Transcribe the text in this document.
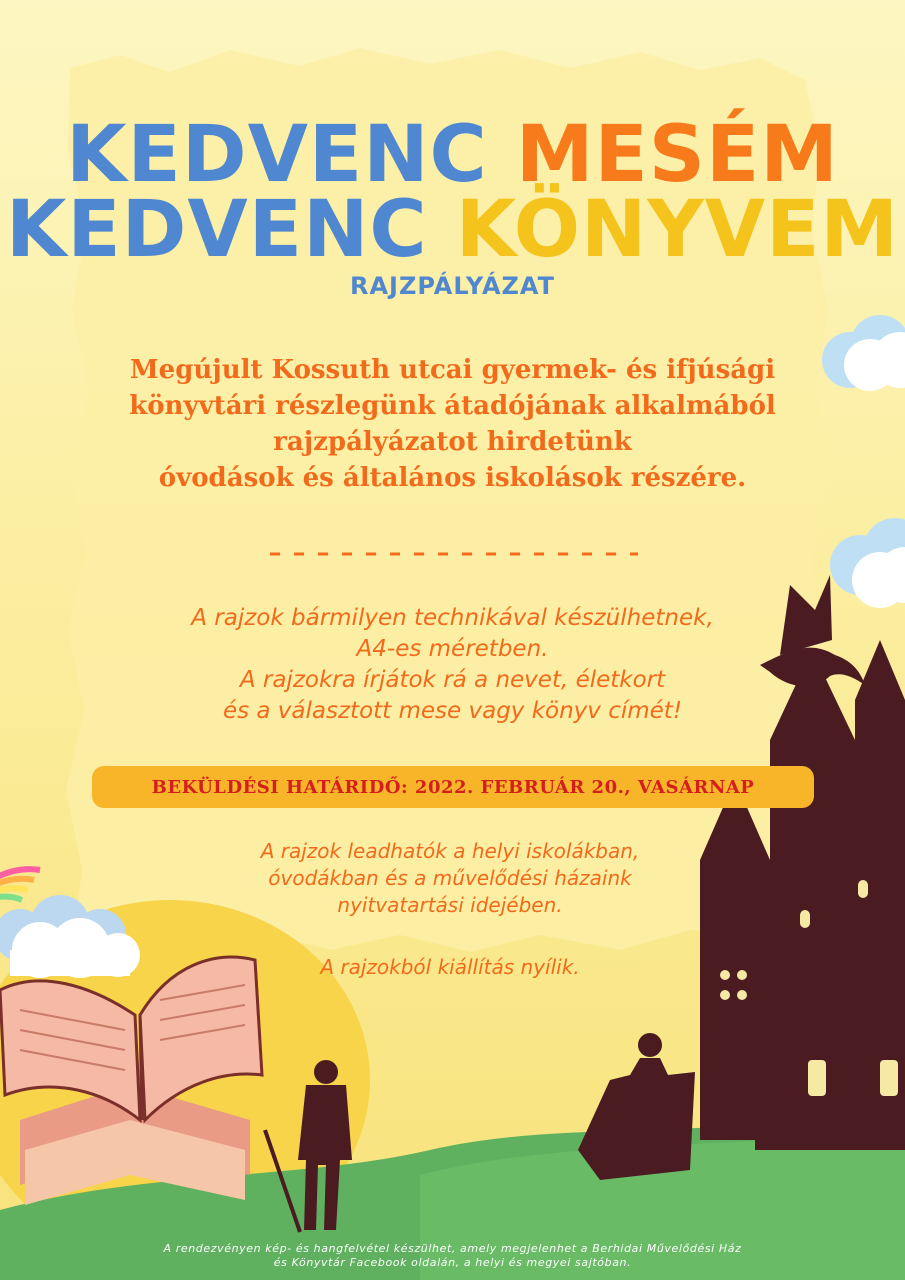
KEDVENC MESÉM
KEDVENC KÖNYVEM
RAJZPÁLYÁZAT
Megújult Kossuth utcai gyermek- és ifjúsági
könyvtári részlegünk átadójának alkalmából
rajzpályázatot hirdetünk
óvodások és általános iskolások részére.
A rajzok bármilyen technikával készülhetnek,
A4-es méretben.
A rajzokra írjátok rá a nevet, életkort
és a választott mese vagy könyv címét!
BEKÜLDÉSI HATÁRIDŐ: 2022. FEBRUÁR 20., VASÁRNAP
A rajzok leadhatók a helyi iskolákban,
óvodákban és a művelődési házaink
nyitvatartási idejében.
A rajzokból kiállítás nyílik.
A rendezvényen kép- és hangfelvétel készülhet, amely megjelenhet a Berhidai Művelődési Ház
és Könyvtár Facebook oldalán, a helyi és megyei sajtóban.
